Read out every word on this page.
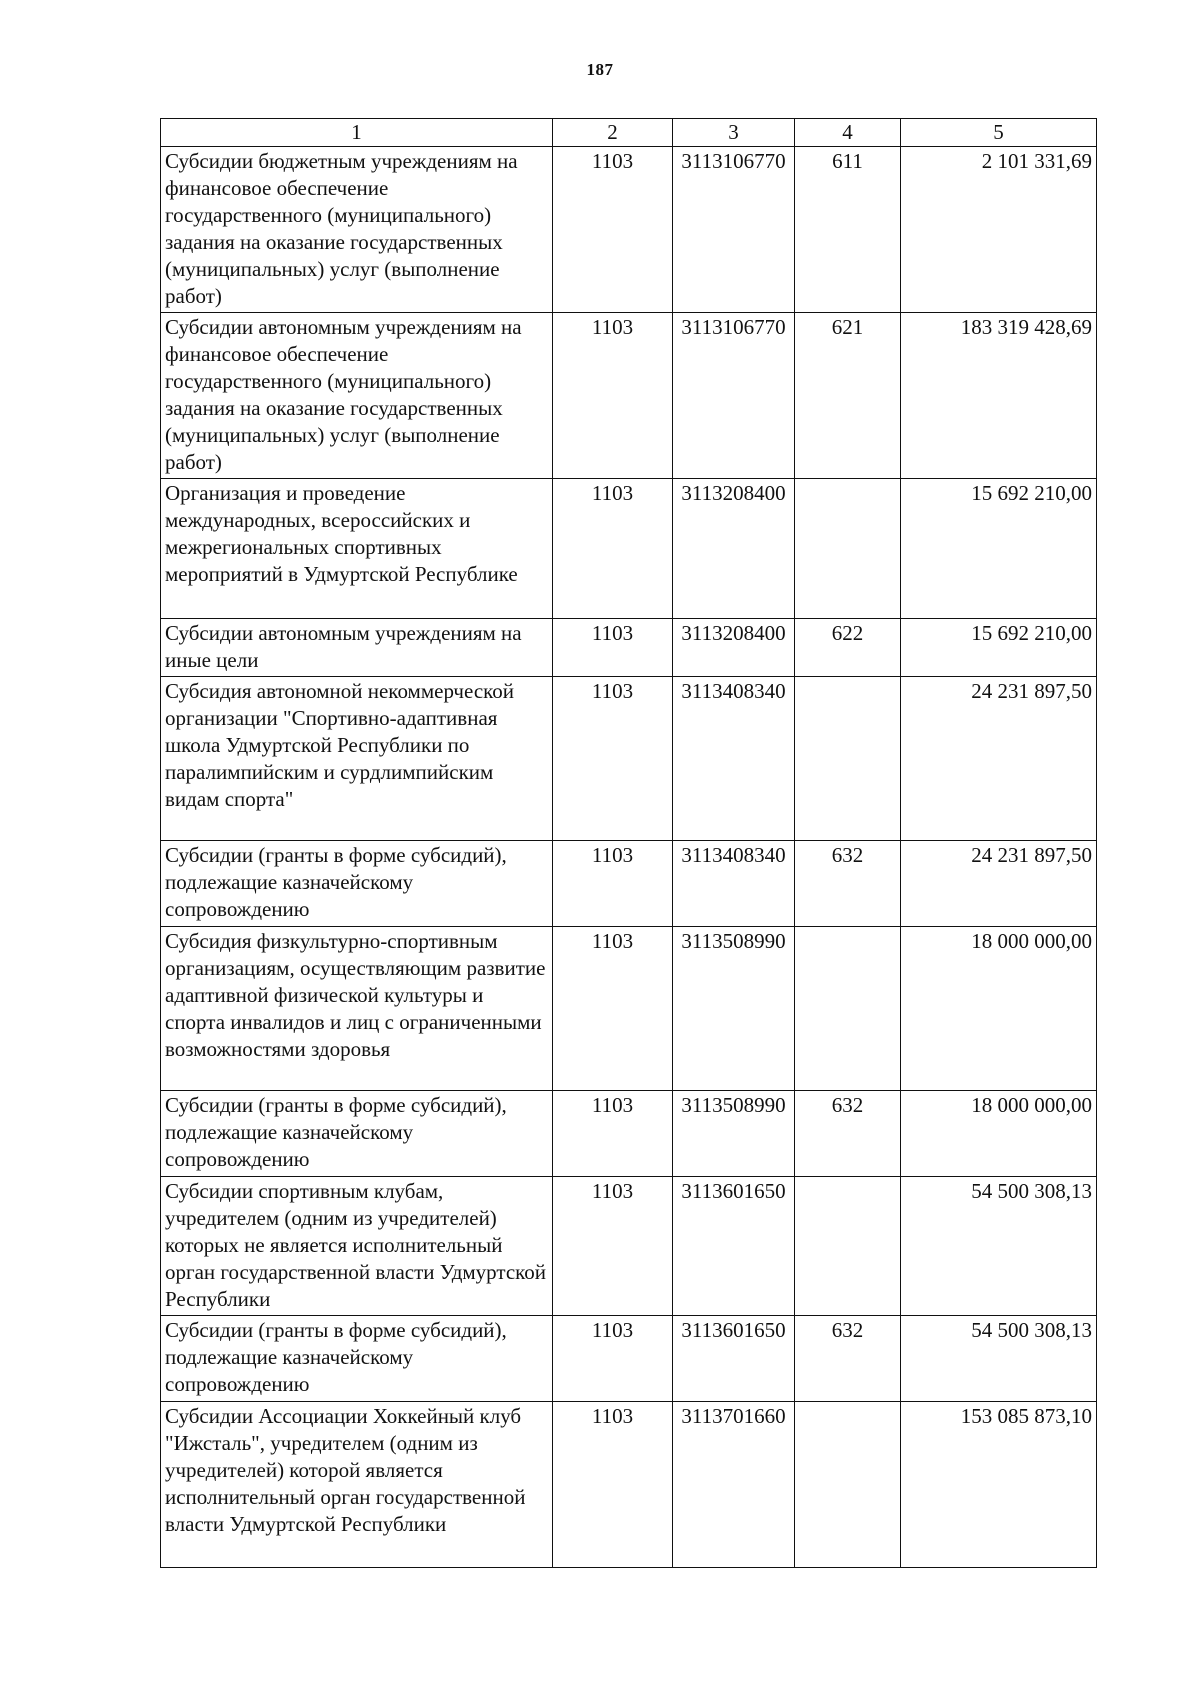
187
1	2	3	4	5
Субсидии бюджетным учреждениям на финансовое обеспечение государственного (муниципального) задания на оказание государственных (муниципальных) услуг (выполнение работ)	1103	3113106770	611	2 101 331,69
Субсидии автономным учреждениям на финансовое обеспечение государственного (муниципального) задания на оказание государственных (муниципальных) услуг (выполнение работ)	1103	3113106770	621	183 319 428,69
Организация и проведение международных, всероссийских и межрегиональных спортивных мероприятий в Удмуртской Республике	1103	3113208400		15 692 210,00
Субсидии автономным учреждениям на иные цели	1103	3113208400	622	15 692 210,00
Субсидия автономной некоммерческой организации "Спортивно-адаптивная школа Удмуртской Республики по паралимпийским и сурдлимпийским видам спорта"	1103	3113408340		24 231 897,50
Субсидии (гранты в форме субсидий), подлежащие казначейскому сопровождению	1103	3113408340	632	24 231 897,50
Субсидия физкультурно-спортивным организациям, осуществляющим развитие адаптивной физической культуры и спорта инвалидов и лиц с ограниченными возможностями здоровья	1103	3113508990		18 000 000,00
Субсидии (гранты в форме субсидий), подлежащие казначейскому сопровождению	1103	3113508990	632	18 000 000,00
Субсидии спортивным клубам, учредителем (одним из учредителей) которых не является исполнительный орган государственной власти Удмуртской Республики	1103	3113601650		54 500 308,13
Субсидии (гранты в форме субсидий), подлежащие казначейскому сопровождению	1103	3113601650	632	54 500 308,13
Субсидии Ассоциации Хоккейный клуб "Ижсталь", учредителем (одним из учредителей) которой является исполнительный орган государственной власти Удмуртской Республики	1103	3113701660		153 085 873,10
